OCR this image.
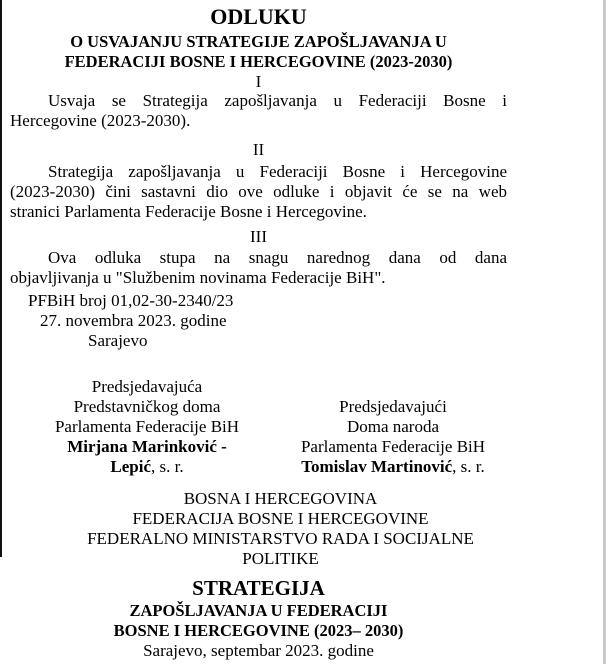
ODLUKU
O USVAJANJU STRATEGIJE ZAPOŠLJAVANJA U
FEDERACIJI BOSNE I HERCEGOVINE (2023-2030)
I
Usvaja se Strategija zapošljavanja u Federaciji Bosne i
Hercegovine (2023-2030).
II
Strategija zapošljavanja u Federaciji Bosne i Hercegovine
(2023-2030) čini sastavni dio ove odluke i objavit će se na web
stranici Parlamenta Federacije Bosne i Hercegovine.
III
Ova odluka stupa na snagu narednog dana od dana
objavljivanja u "Službenim novinama Federacije BiH".
PFBiH broj 01,02-30-2340/23
27. novembra 2023. godine
Sarajevo
Predsjedavajuća
Predstavničkog doma
Parlamenta Federacije BiH
Mirjana Marinković -
Lepić, s. r.
Predsjedavajući
Doma naroda
Parlamenta Federacije BiH
Tomislav Martinović, s. r.
BOSNA I HERCEGOVINA
FEDERACIJA BOSNE I HERCEGOVINE
FEDERALNO MINISTARSTVO RADA I SOCIJALNE
POLITIKE
STRATEGIJA
ZAPOŠLJAVANJA U FEDERACIJI
BOSNE I HERCEGOVINE (2023– 2030)
Sarajevo, septembar 2023. godine
